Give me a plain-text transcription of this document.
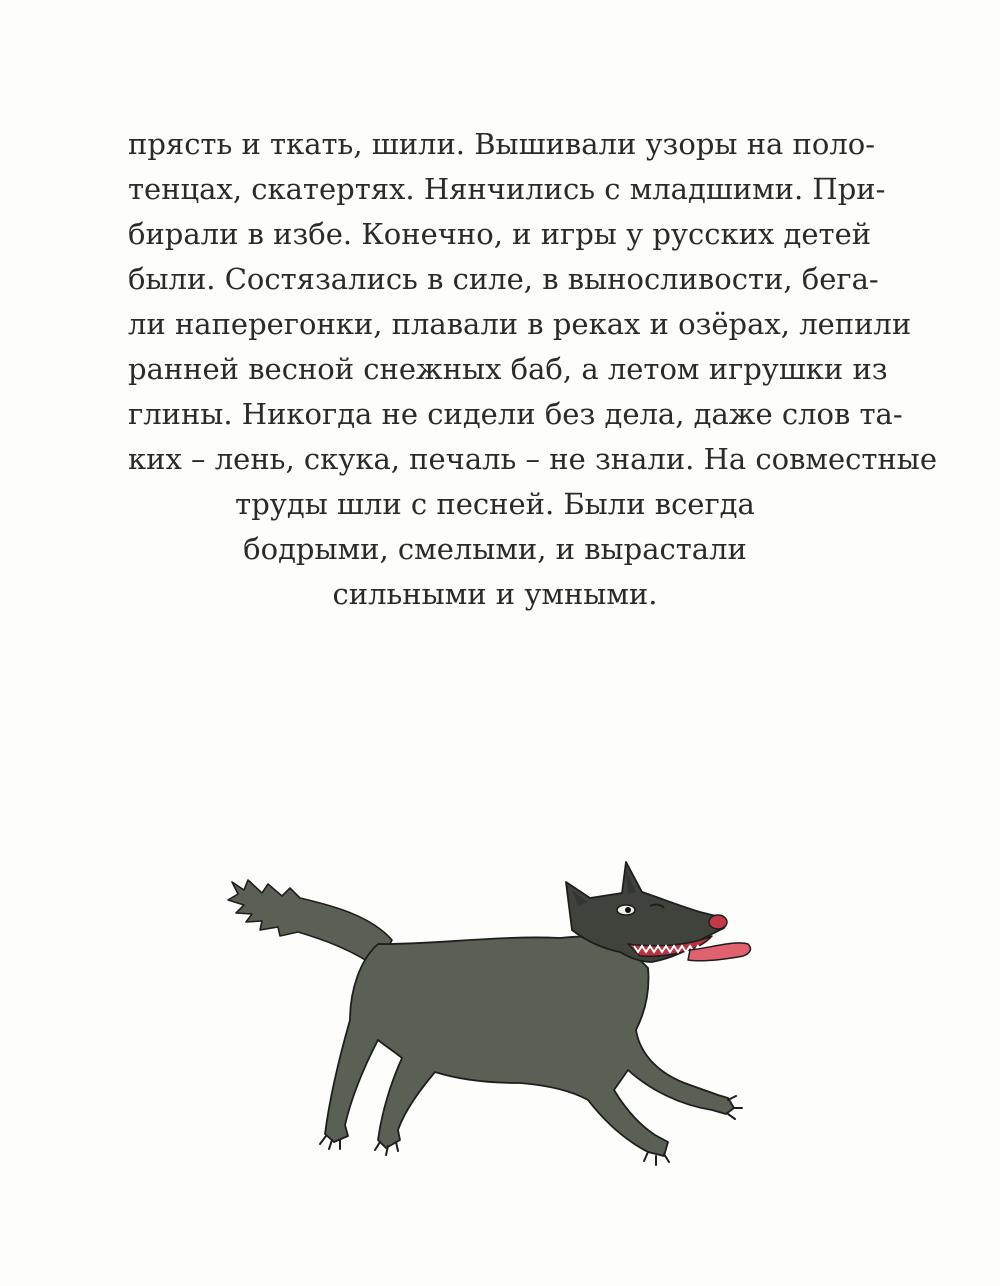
прясть и ткать, шили. Вышивали узоры на поло-
тенцах, скатертях. Нянчились с младшими. При-
бирали в избе. Конечно, и игры у русских детей
были. Состязались в силе, в выносливости, бега-
ли наперегонки, плавали в реках и озёрах, лепили
ранней весной снежных баб, а летом игрушки из
глины. Никогда не сидели без дела, даже слов та-
ких – лень, скука, печаль – не знали. На совместные
труды шли с песней. Были всегда
бодрыми, смелыми, и вырастали
сильными и умными.
